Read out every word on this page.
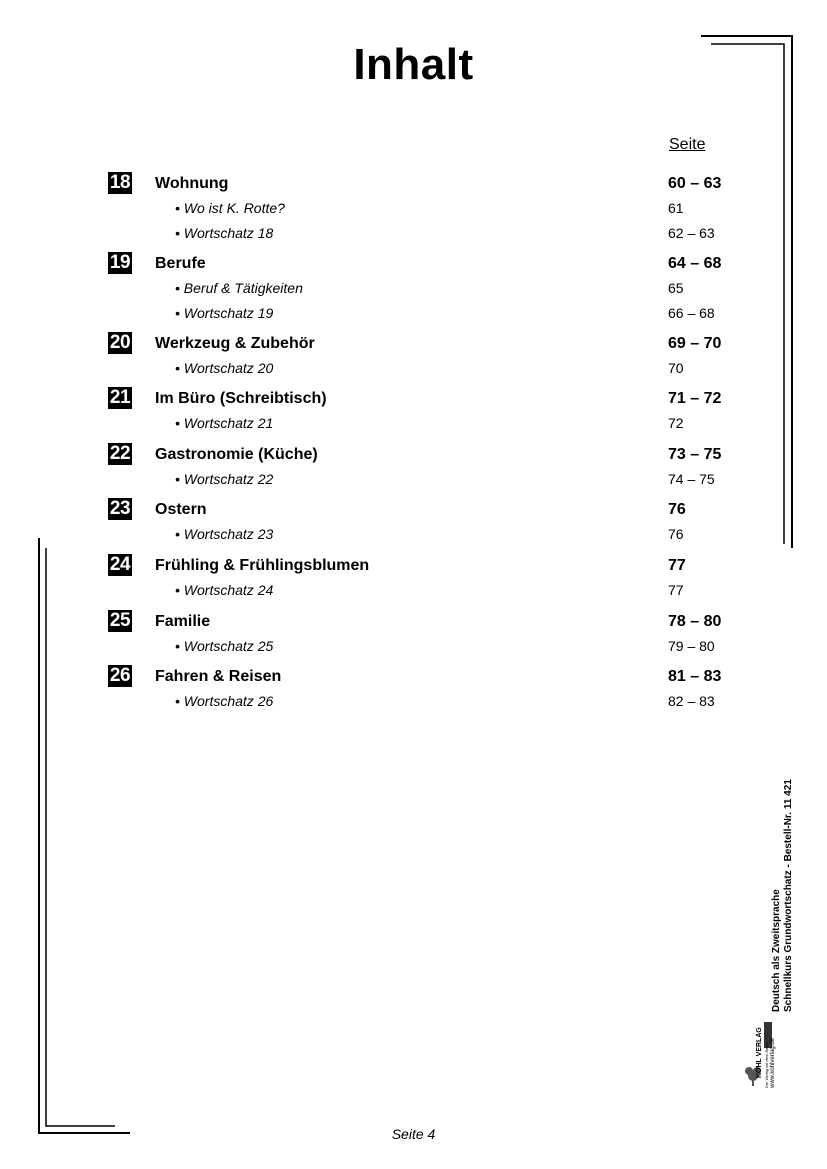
Inhalt
Seite
18 Wohnung	60 – 63
• Wo ist K. Rotte?	61
• Wortschatz 18	62 – 63
19 Berufe	64 – 68
• Beruf & Tätigkeiten	65
• Wortschatz 19	66 – 68
20 Werkzeug & Zubehör	69 – 70
• Wortschatz 20	70
21 Im Büro (Schreibtisch)	71 – 72
• Wortschatz 21	72
22 Gastronomie (Küche)	73 – 75
• Wortschatz 22	74 – 75
23 Ostern	76
• Wortschatz 23	76
24 Frühling & Frühlingsblumen	77
• Wortschatz 24	77
25 Familie	78 – 80
• Wortschatz 25	79 – 80
26 Fahren & Reisen	81 – 83
• Wortschatz 26	82 – 83
Deutsch als Zweitsprache Schnellkurs Grundwortschatz - Bestell-Nr. 11 421
KOHL VERLAG Der Verlag mit dem Baum www.kohlverlag.de
Seite 4
